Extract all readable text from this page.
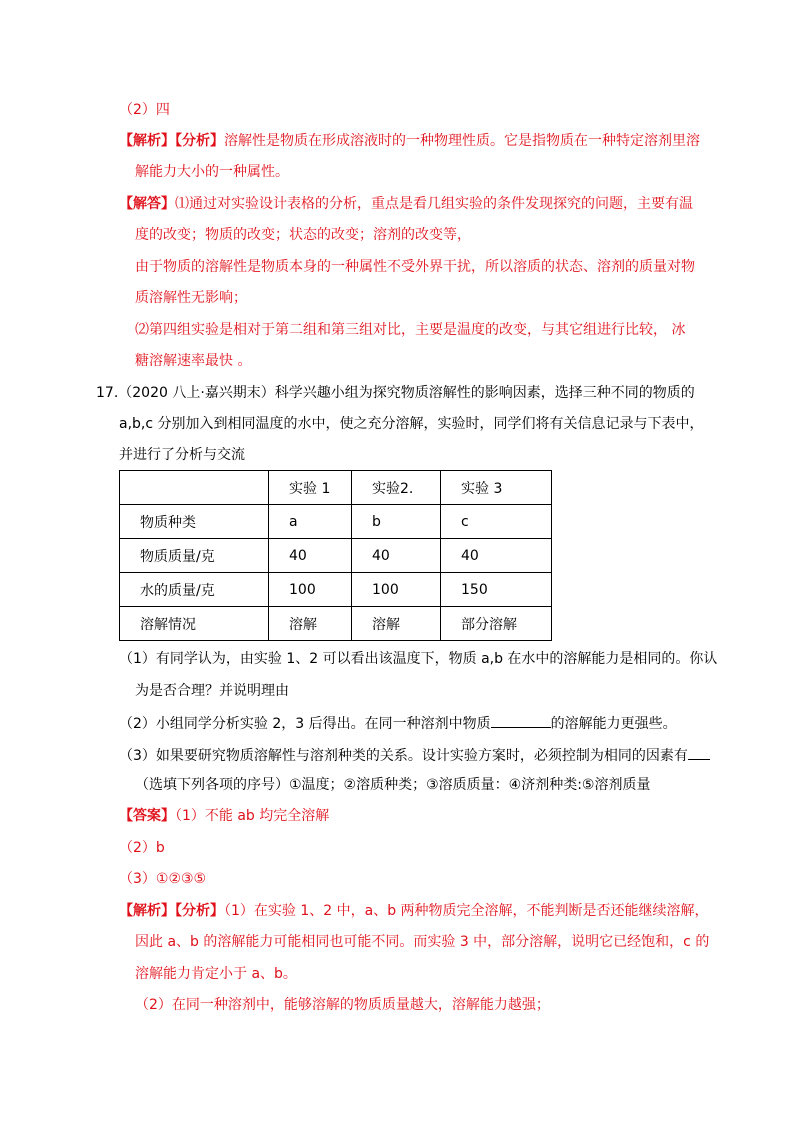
（2）四
【解析】【分析】溶解性是物质在形成溶液时的一种物理性质。它是指物质在一种特定溶剂里溶
解能力大小的一种属性。
【解答】⑴通过对实验设计表格的分析，重点是看几组实验的条件发现探究的问题，主要有温
度的改变；物质的改变；状态的改变；溶剂的改变等，
由于物质的溶解性是物质本身的一种属性不受外界干扰，所以溶质的状态、溶剂的质量对物
质溶解性无影响；
⑵第四组实验是相对于第二组和第三组对比，主要是温度的改变，与其它组进行比较， 冰
糖溶解速率最快 。
17.（2020 八上·嘉兴期末）科学兴趣小组为探究物质溶解性的影响因素，选择三种不同的物质的
a,b,c 分别加入到相同温度的水中，使之充分溶解，实验时，同学们将有关信息记录与下表中，
并进行了分析与交流
	实验 1	实验2.	实验 3
物质种类	a	b	c
物质质量/克	40	40	40
水的质量/克	100	100	150
溶解情况	溶解	溶解	部分溶解
（1）有同学认为，由实验 1、2 可以看出该温度下，物质 a,b 在水中的溶解能力是相同的。你认
为是否合理？并说明理由
（2）小组同学分析实验 2，3 后得出。在同一种溶剂中物质	的溶解能力更强些。
（3）如果要研究物质溶解性与溶剂种类的关系。设计实验方案时，必须控制为相同的因素有
（选填下列各项的序号）①温度；②溶质种类；③溶质质量：④济剂种类:⑤溶剂质量
【答案】（1）不能 ab 均完全溶解
（2）b
（3）①②③⑤
【解析】【分析】（1）在实验 1、2 中，a、b 两种物质完全溶解，不能判断是否还能继续溶解，
因此 a、b 的溶解能力可能相同也可能不同。而实验 3 中，部分溶解，说明它已经饱和，c 的
溶解能力肯定小于 a、b。
（2）在同一种溶剂中，能够溶解的物质质量越大，溶解能力越强；
